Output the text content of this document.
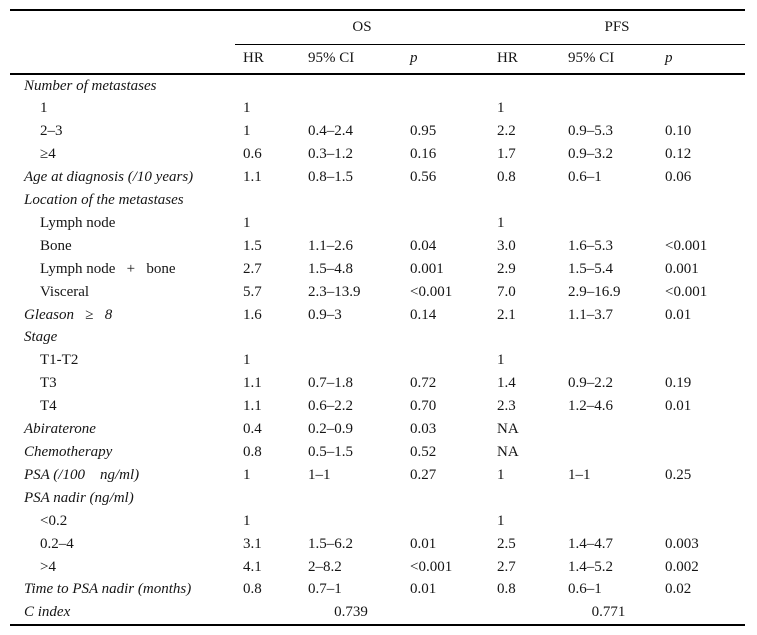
	OS			PFS		
	HR	95% CI	p	HR	95% CI	p
Number of metastases						
1	1			1		
2–3	1	0.4–2.4	0.95	2.2	0.9–5.3	0.10
≥4	0.6	0.3–1.2	0.16	1.7	0.9–3.2	0.12
Age at diagnosis (/10 years)	1.1	0.8–1.5	0.56	0.8	0.6–1	0.06
Location of the metastases						
Lymph node	1			1		
Bone	1.5	1.1–2.6	0.04	3.0	1.6–5.3	<0.001
Lymph node   +   bone	2.7	1.5–4.8	0.001	2.9	1.5–5.4	0.001
Visceral	5.7	2.3–13.9	<0.001	7.0	2.9–16.9	<0.001
Gleason   ≥   8	1.6	0.9–3	0.14	2.1	1.1–3.7	0.01
Stage						
T1-T2	1			1		
T3	1.1	0.7–1.8	0.72	1.4	0.9–2.2	0.19
T4	1.1	0.6–2.2	0.70	2.3	1.2–4.6	0.01
Abiraterone	0.4	0.2–0.9	0.03	NA		
Chemotherapy	0.8	0.5–1.5	0.52	NA		
PSA (/100    ng/ml)	1	1–1	0.27	1	1–1	0.25
PSA nadir (ng/ml)						
<0.2	1			1		
0.2–4	3.1	1.5–6.2	0.01	2.5	1.4–4.7	0.003
>4	4.1	2–8.2	<0.001	2.7	1.4–5.2	0.002
Time to PSA nadir (months)	0.8	0.7–1	0.01	0.8	0.6–1	0.02
C index		0.739			0.771	
